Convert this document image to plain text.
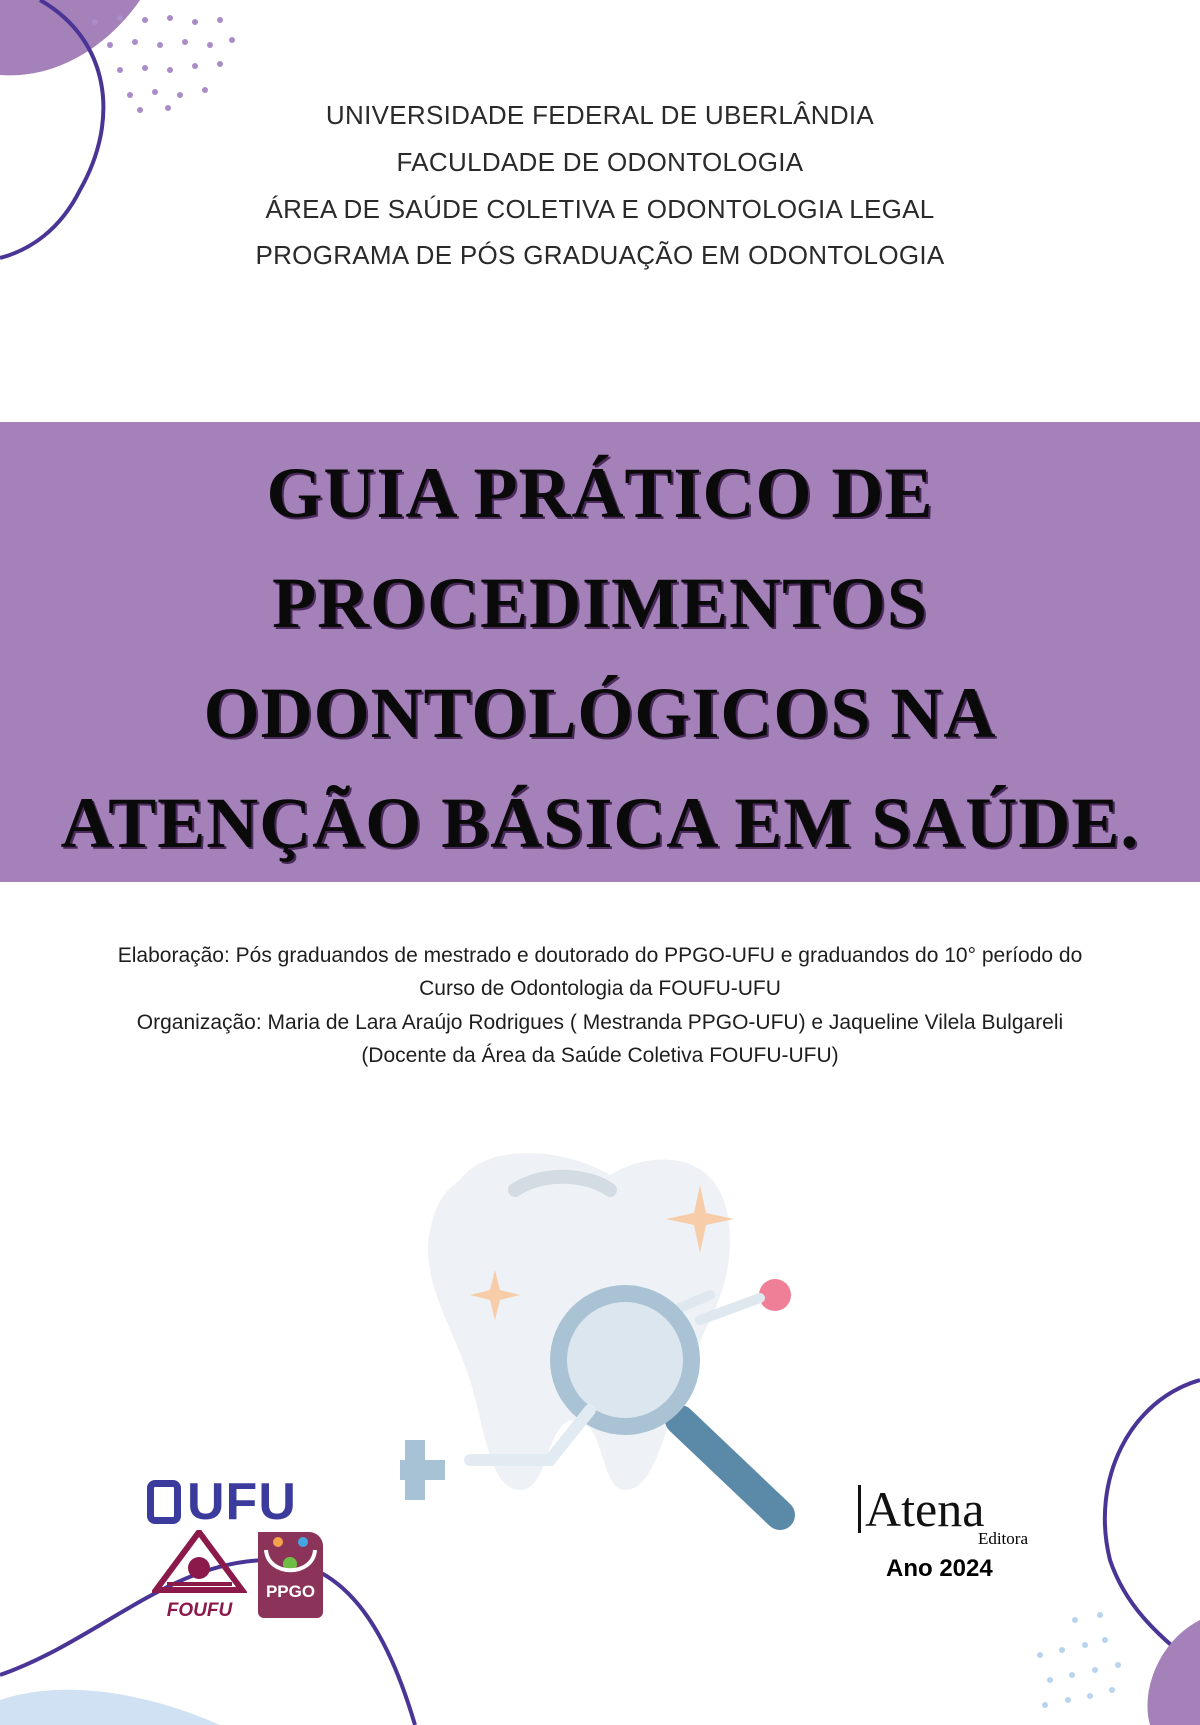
UNIVERSIDADE FEDERAL DE UBERLÂNDIA
FACULDADE DE ODONTOLOGIA
ÁREA DE SAÚDE COLETIVA E ODONTOLOGIA LEGAL
PROGRAMA DE PÓS GRADUAÇÃO EM ODONTOLOGIA
GUIA PRÁTICO DE
PROCEDIMENTOS
ODONTOLÓGICOS NA
ATENÇÃO BÁSICA EM SAÚDE.
Elaboração: Pós graduandos de mestrado e doutorado do PPGO-UFU e graduandos do 10° período do
Curso de Odontologia da FOUFU-UFU
Organização: Maria de Lara Araújo Rodrigues ( Mestranda PPGO-UFU) e Jaqueline Vilela Bulgareli
(Docente da Área da Saúde Coletiva FOUFU-UFU)
UFU
FOUFU
PPGO
Atena
Editora
Ano 2024
